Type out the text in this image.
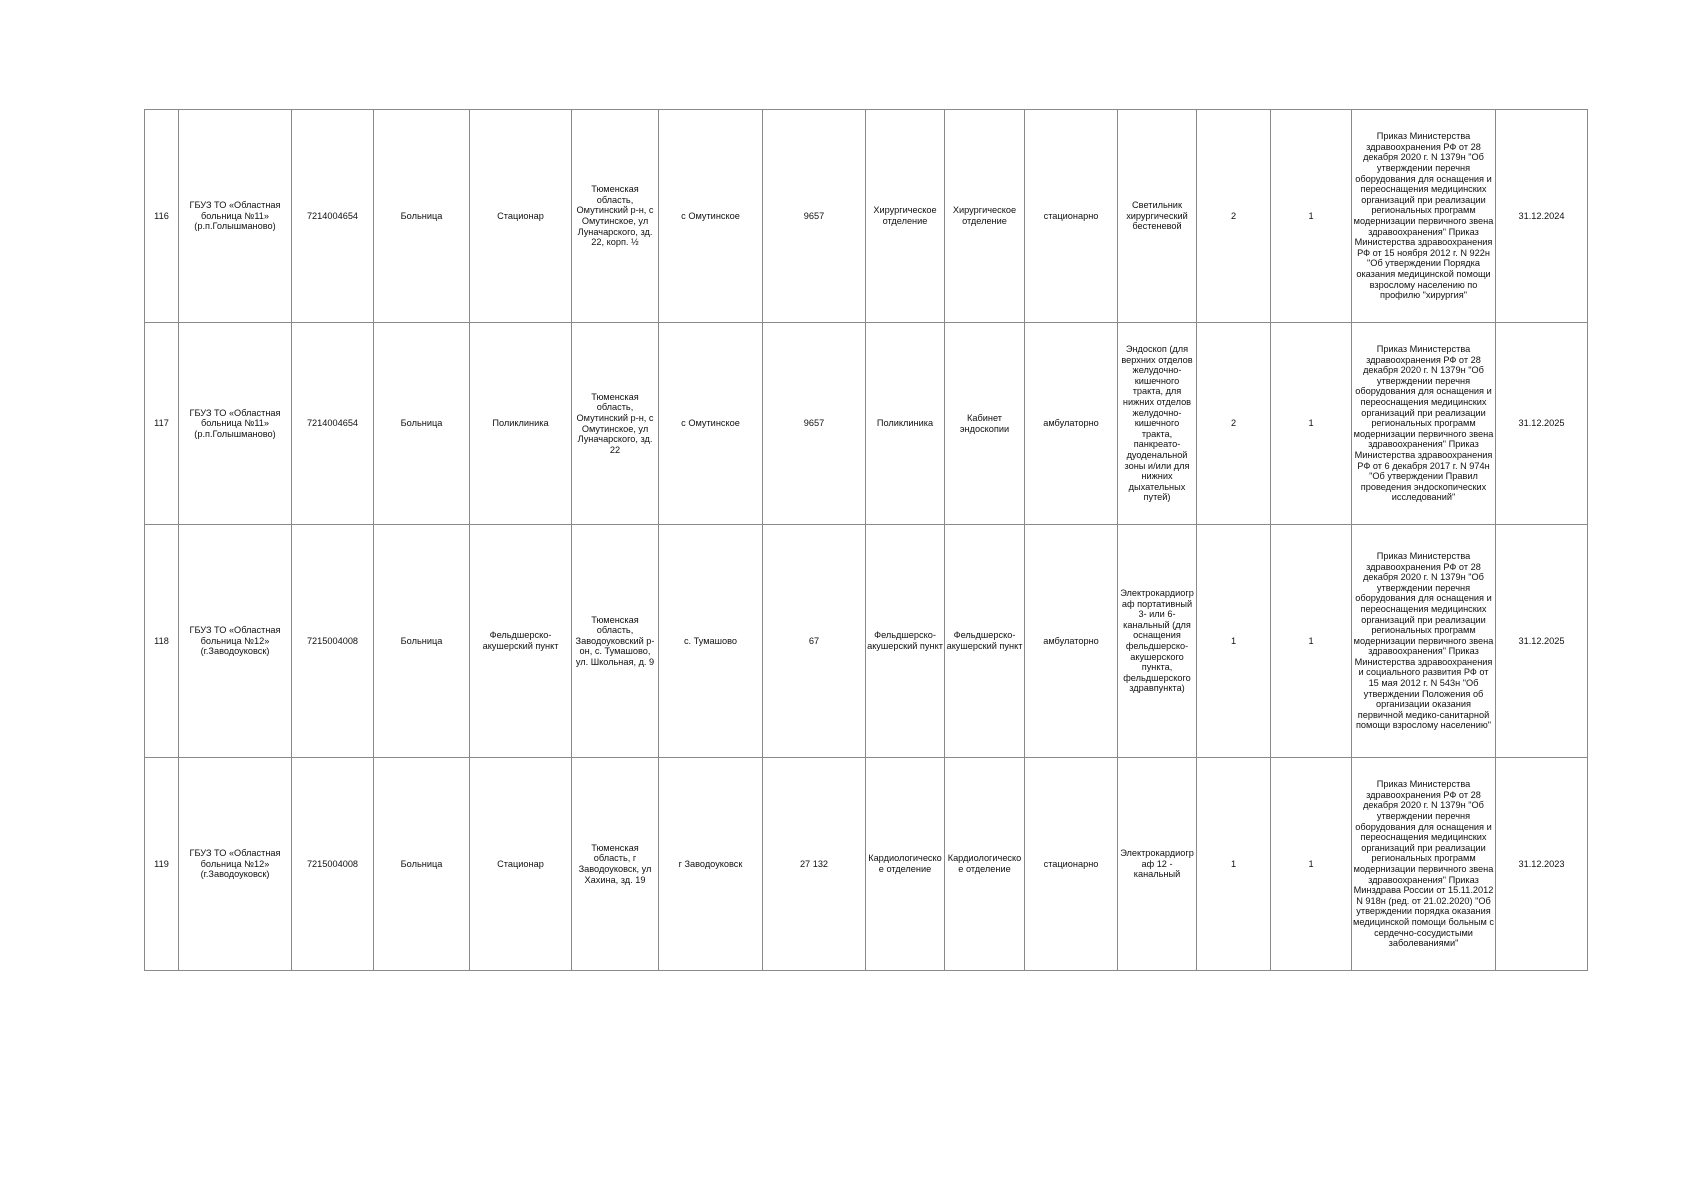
116	ГБУЗ ТО «Областная больница №11» (р.п.Голышманово)	7214004654	Больница	Стационар	Тюменская область, Омутинский р-н, с Омутинское, ул Луначарского, зд. 22, корп. ½	с Омутинское	9657	Хирургическое отделение	Хирургическое отделение	стационарно	Светильник хирургический бестеневой	2	1	Приказ Министерства здравоохранения РФ от 28 декабря 2020 г. N 1379н "Об утверждении перечня оборудования для оснащения и переоснащения медицинских организаций при реализации региональных программ модернизации первичного звена здравоохранения" Приказ Министерства здравоохранения РФ от 15 ноября 2012 г. N 922н "Об утверждении Порядка оказания медицинской помощи взрослому населению по профилю "хирургия"	31.12.2024
117	ГБУЗ ТО «Областная больница №11» (р.п.Голышманово)	7214004654	Больница	Поликлиника	Тюменская область, Омутинский р-н, с Омутинское, ул Луначарского, зд. 22	с Омутинское	9657	Поликлиника	Кабинет эндоскопии	амбулаторно	Эндоскоп (для верхних отделов желудочно-кишечного тракта, для нижних отделов желудочно-кишечного тракта, панкреато-дуоденальной зоны и/или для нижних дыхательных путей)	2	1	Приказ Министерства здравоохранения РФ от 28 декабря 2020 г. N 1379н "Об утверждении перечня оборудования для оснащения и переоснащения медицинских организаций при реализации региональных программ модернизации первичного звена здравоохранения" Приказ Министерства здравоохранения РФ от 6 декабря 2017 г. N 974н "Об утверждении Правил проведения эндоскопических исследований"	31.12.2025
118	ГБУЗ ТО «Областная больница №12» (г.Заводоуковск)	7215004008	Больница	Фельдшерско-акушерский пункт	Тюменская область, Заводоуковский р-он, с. Тумашово, ул. Школьная, д. 9	с. Тумашово	67	Фельдшерско-акушерский пункт	Фельдшерско-акушерский пункт	амбулаторно	Электрокардиограф портативный 3- или 6-канальный (для оснащения фельдшерско-акушерского пункта, фельдшерского здравпункта)	1	1	Приказ Министерства здравоохранения РФ от 28 декабря 2020 г. N 1379н "Об утверждении перечня оборудования для оснащения и переоснащения медицинских организаций при реализации региональных программ модернизации первичного звена здравоохранения" Приказ Министерства здравоохранения и социального развития РФ от 15 мая 2012 г. N 543н "Об утверждении Положения об организации оказания первичной медико-санитарной помощи взрослому населению"	31.12.2025
119	ГБУЗ ТО «Областная больница №12» (г.Заводоуковск)	7215004008	Больница	Стационар	Тюменская область, г Заводоуковск, ул Хахина, зд. 19	г Заводоуковск	27 132	Кардиологическое отделение	Кардиологическое отделение	стационарно	Электрокардиограф 12 - канальный	1	1	Приказ Министерства здравоохранения РФ от 28 декабря 2020 г. N 1379н "Об утверждении перечня оборудования для оснащения и переоснащения медицинских организаций при реализации региональных программ модернизации первичного звена здравоохранения" Приказ Минздрава России от 15.11.2012 N 918н (ред. от 21.02.2020) "Об утверждении порядка оказания медицинской помощи больным с сердечно-сосудистыми заболеваниями"	31.12.2023
